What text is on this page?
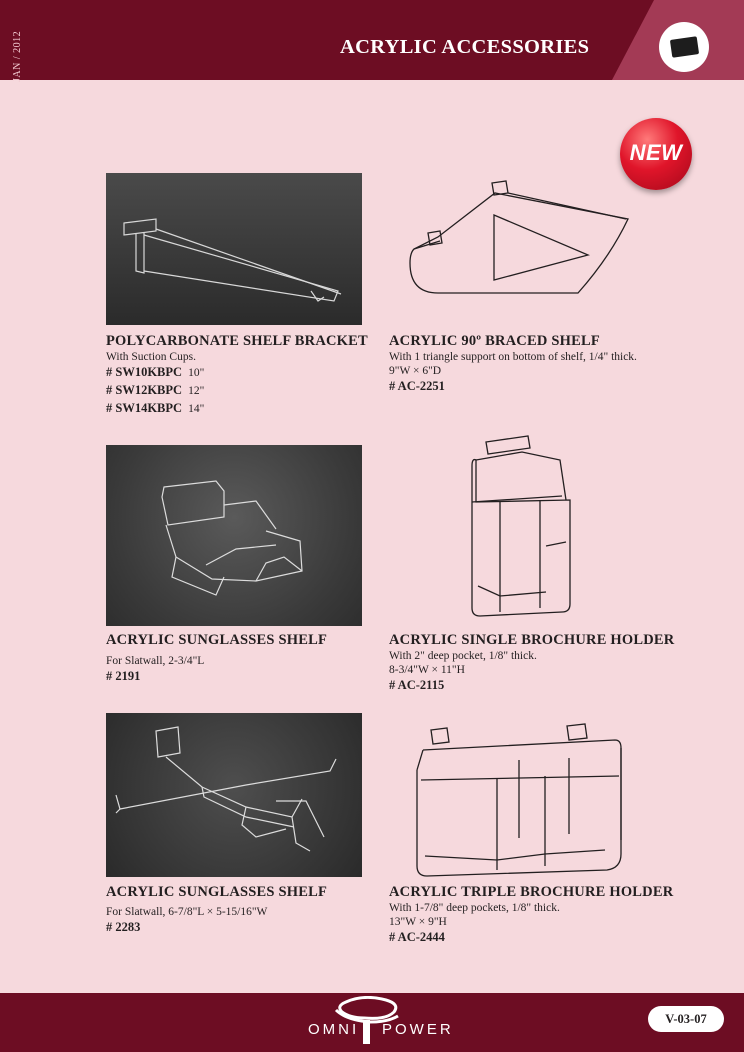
JAN / 2012	ACRYLIC ACCESSORIES
NEW
POLYCARBONATE SHELF BRACKET
With Suction Cups.
# SW10KBPC 10"
# SW12KBPC 12"
# SW14KBPC 14"
ACRYLIC 90º BRACED SHELF
With 1 triangle support on bottom of shelf, 1/4" thick.
9"W × 6"D
# AC-2251
ACRYLIC SUNGLASSES SHELF
For Slatwall, 2-3/4"L
# 2191
ACRYLIC SINGLE BROCHURE HOLDER
With 2" deep pocket, 1/8" thick.
8-3/4"W × 11"H
# AC-2115
ACRYLIC SUNGLASSES SHELF
For Slatwall, 6-7/8"L × 5-15/16"W
# 2283
ACRYLIC TRIPLE BROCHURE HOLDER
With 1-7/8" deep pockets, 1/8" thick.
13"W × 9"H
# AC-2444
OMNI POWER
V-03-07
